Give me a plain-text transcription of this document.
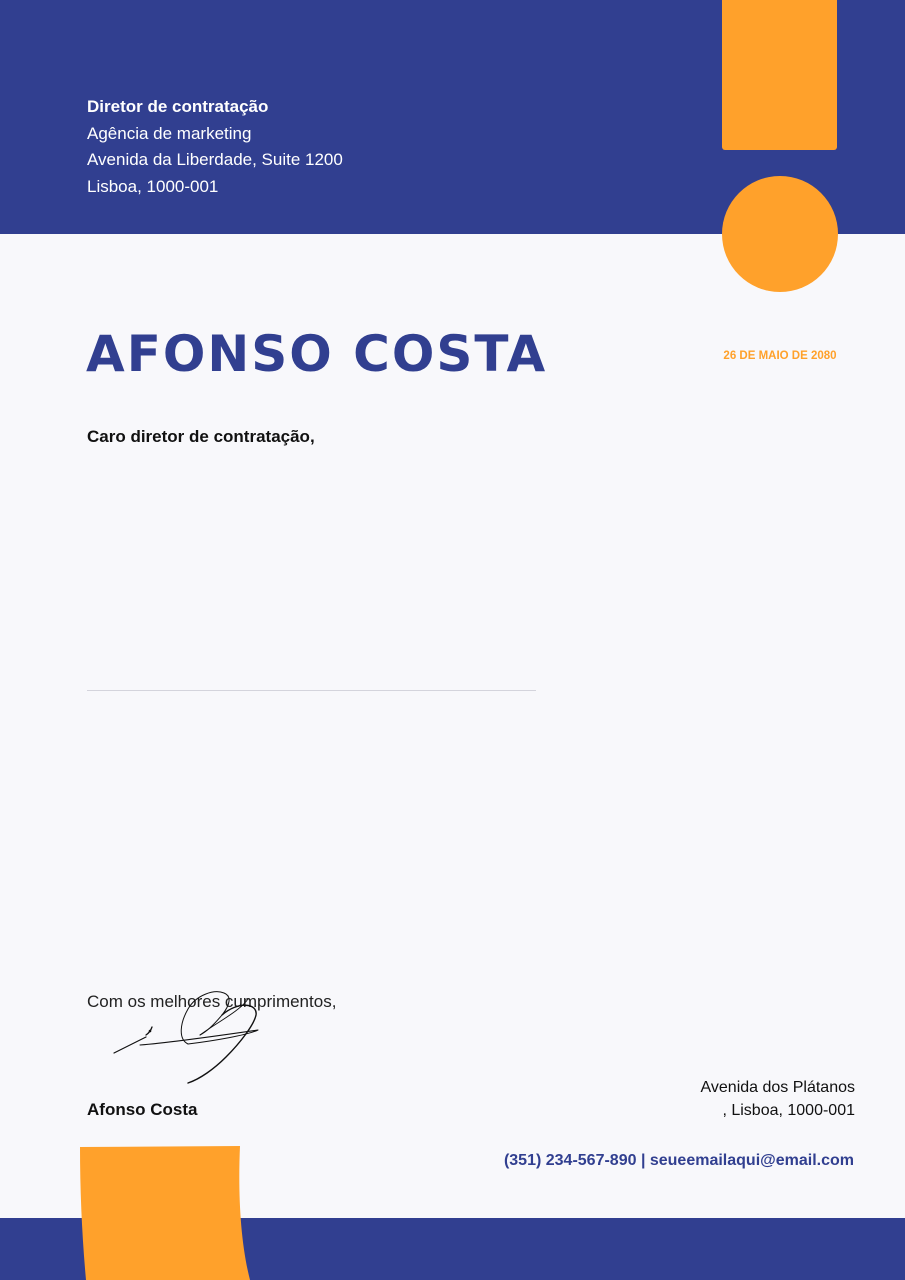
Diretor de contratação
Agência de marketing
Avenida da Liberdade, Suite 1200
Lisboa, 1000-001
AFONSO COSTA	26 DE MAIO DE 2080

Caro diretor de contratação,

Com os melhores cumprimentos,
Afonso Costa
Avenida dos Plátanos
, Lisboa, 1000-001
(351) 234-567-890 | seueemailaqui@email.com
